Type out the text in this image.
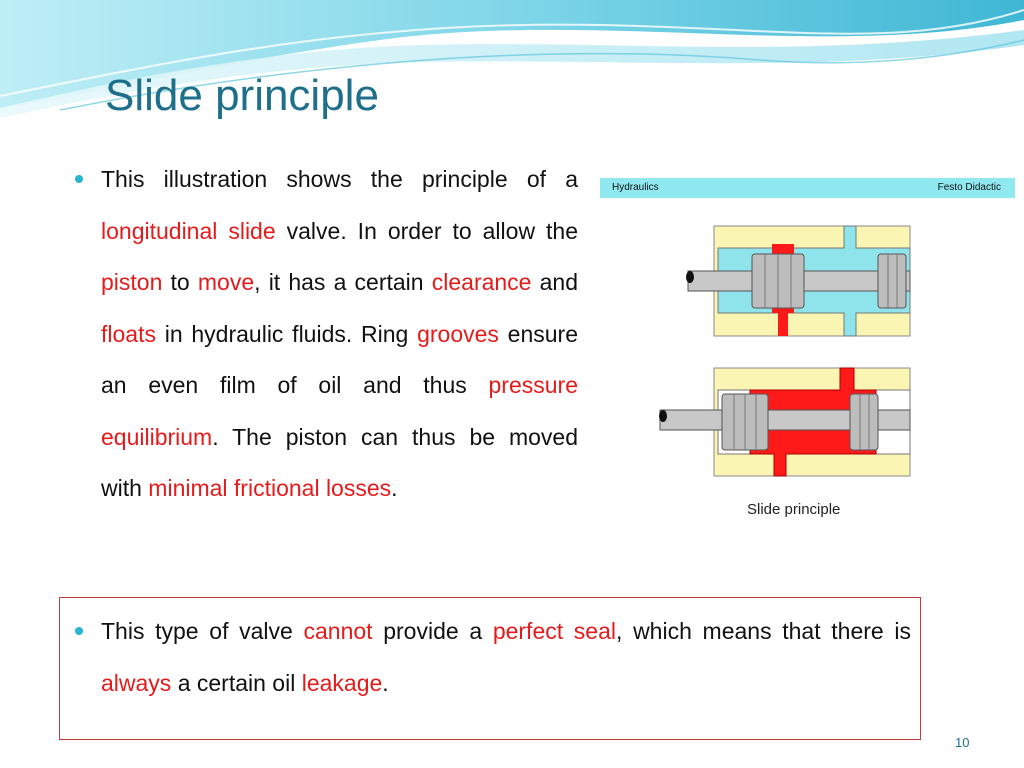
Slide principle
This illustration shows the principle of a longitudinal slide valve. In order to allow the piston to move, it has a certain clearance and floats in hydraulic fluids. Ring grooves ensure an even film of oil and thus pressure equilibrium. The piston can thus be moved with minimal frictional losses.
Hydraulics	Festo Didactic
Slide principle
This type of valve cannot provide a perfect seal, which means that there is always a certain oil leakage.
10
